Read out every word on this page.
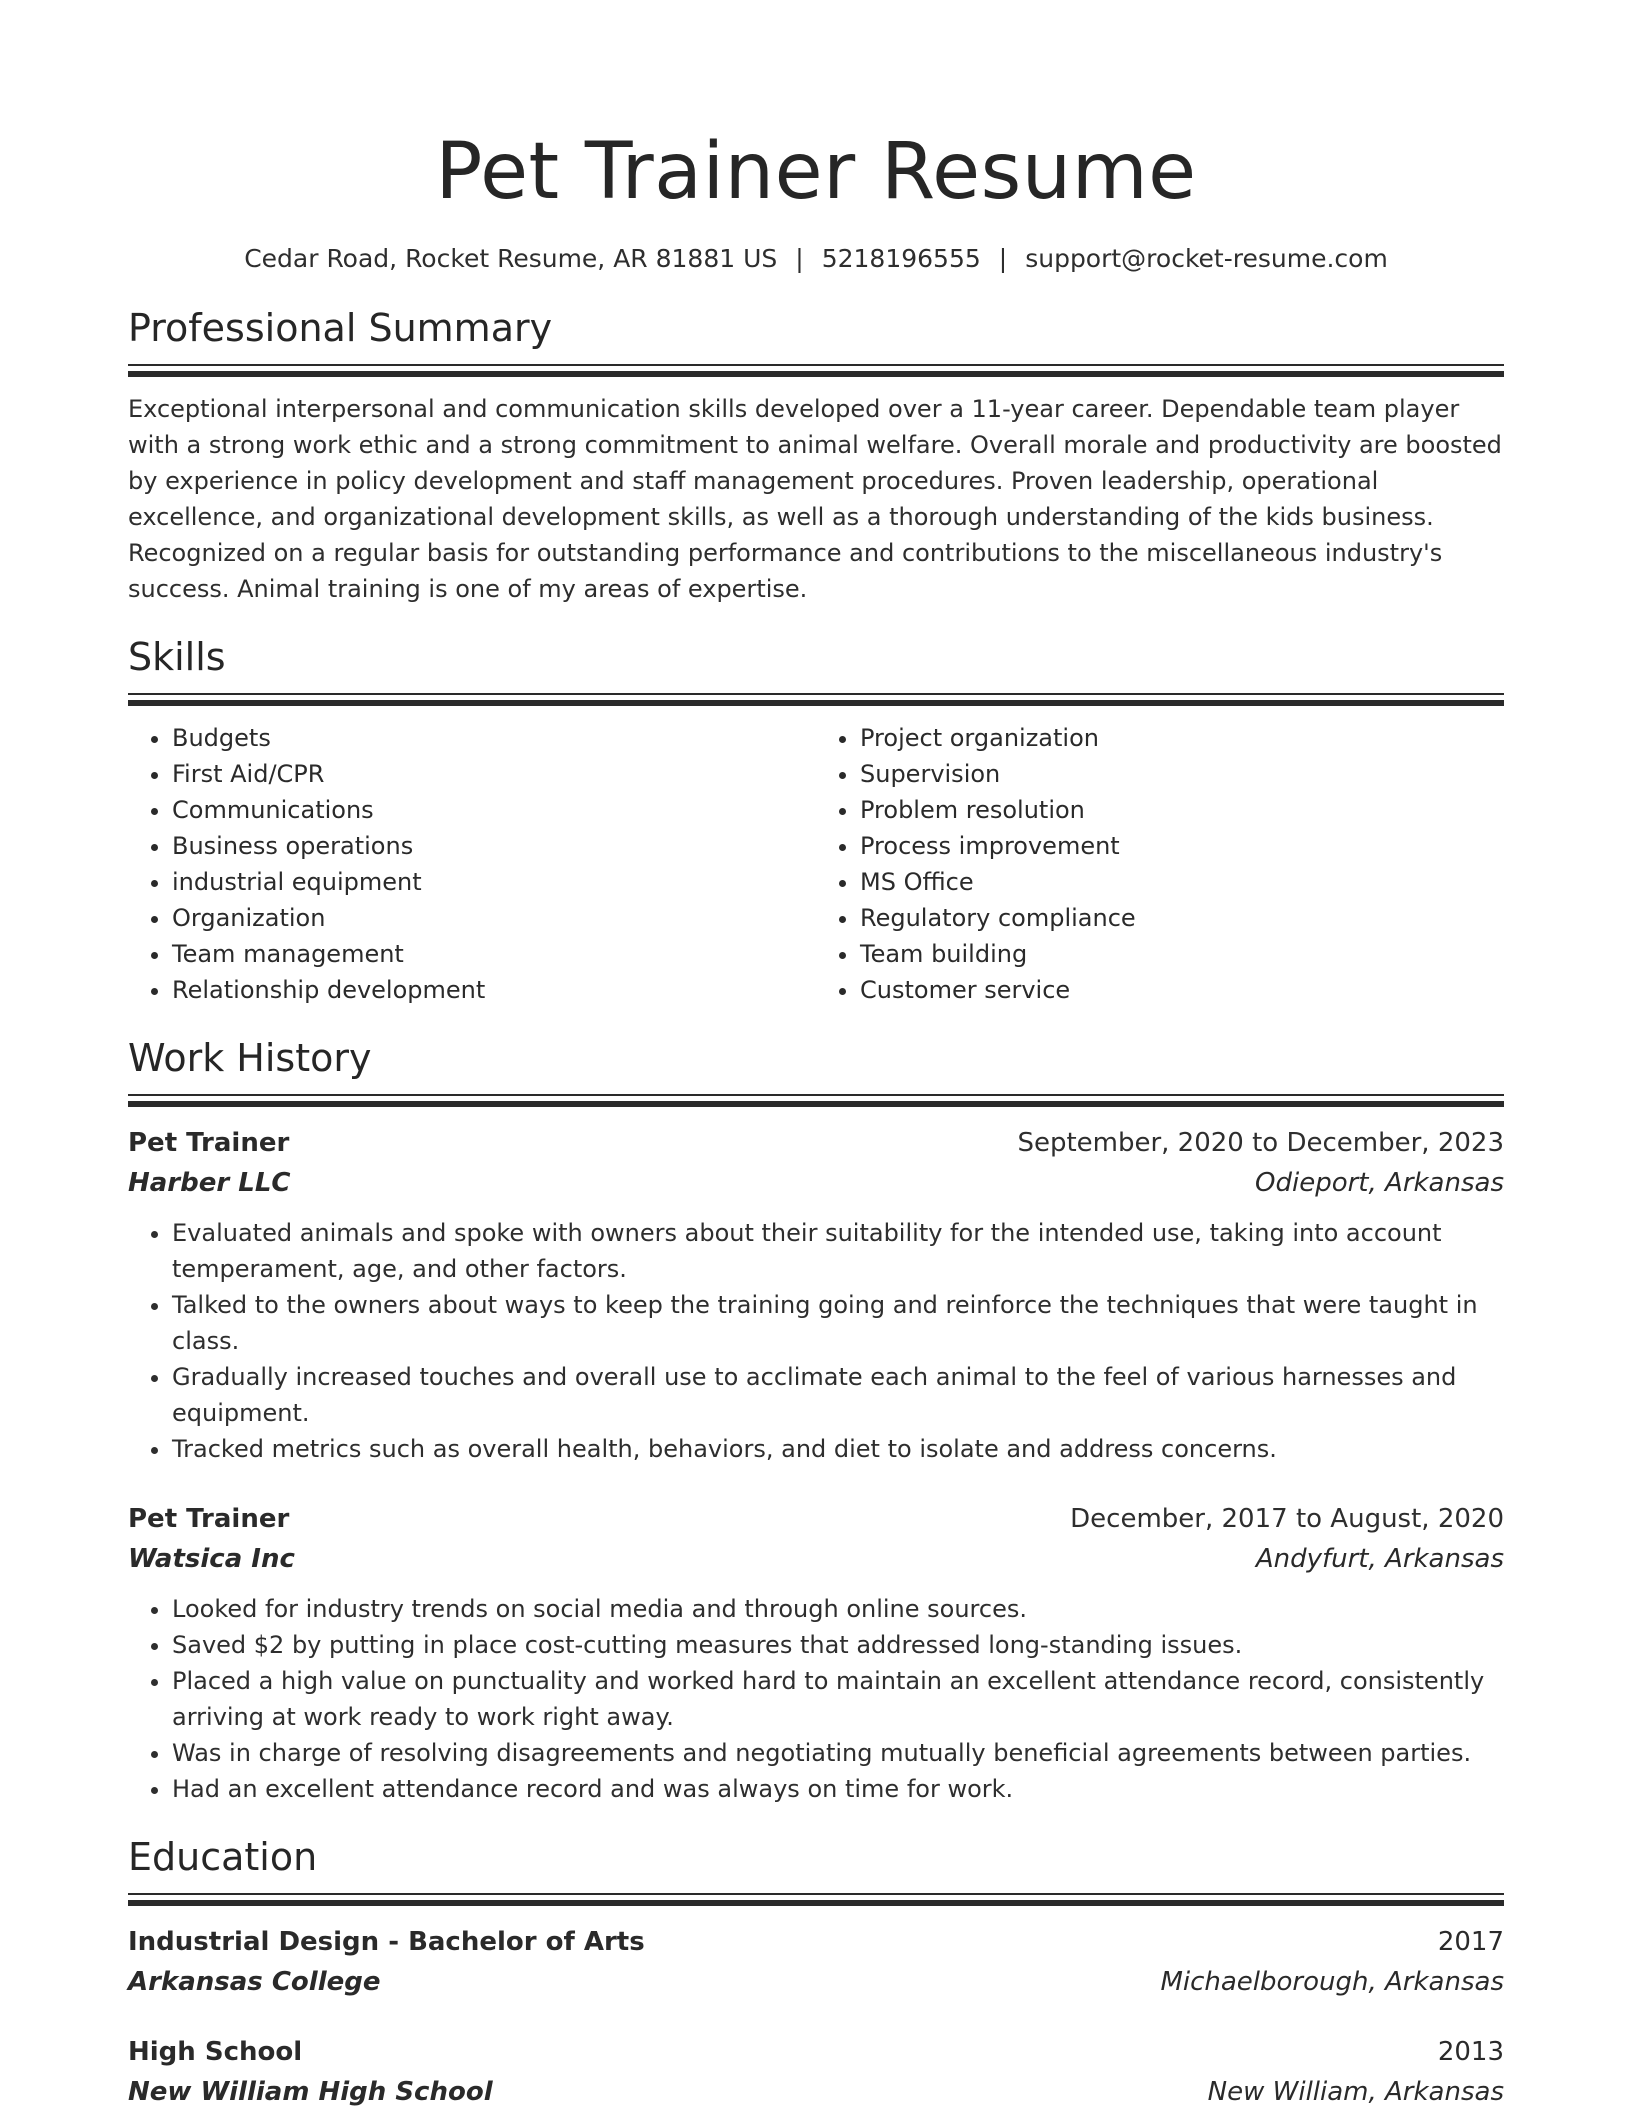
Pet Trainer Resume
Cedar Road, Rocket Resume, AR 81881 US | 5218196555 | support@rocket-resume.com
Professional Summary

Exceptional interpersonal and communication skills developed over a 11-year career. Dependable team player with a strong work ethic and a strong commitment to animal welfare. Overall morale and productivity are boosted by experience in policy development and staff management procedures. Proven leadership, operational excellence, and organizational development skills, as well as a thorough understanding of the kids business. Recognized on a regular basis for outstanding performance and contributions to the miscellaneous industry's success. Animal training is one of my areas of expertise.

Skills
• Budgets
• First Aid/CPR
• Communications
• Business operations
• industrial equipment
• Organization
• Team management
• Relationship development
• Project organization
• Supervision
• Problem resolution
• Process improvement
• MS Office
• Regulatory compliance
• Team building
• Customer service
Work History
Pet Trainer	September, 2020 to December, 2023
Harber LLC	Odieport, Arkansas
• Evaluated animals and spoke with owners about their suitability for the intended use, taking into account temperament, age, and other factors.
• Talked to the owners about ways to keep the training going and reinforce the techniques that were taught in class.
• Gradually increased touches and overall use to acclimate each animal to the feel of various harnesses and equipment.
• Tracked metrics such as overall health, behaviors, and diet to isolate and address concerns.
Pet Trainer	December, 2017 to August, 2020
Watsica Inc	Andyfurt, Arkansas
• Looked for industry trends on social media and through online sources.
• Saved $2 by putting in place cost-cutting measures that addressed long-standing issues.
• Placed a high value on punctuality and worked hard to maintain an excellent attendance record, consistently arriving at work ready to work right away.
• Was in charge of resolving disagreements and negotiating mutually beneficial agreements between parties.
• Had an excellent attendance record and was always on time for work.
Education
Industrial Design - Bachelor of Arts	2017
Arkansas College	Michaelborough, Arkansas
High School	2013
New William High School	New William, Arkansas
